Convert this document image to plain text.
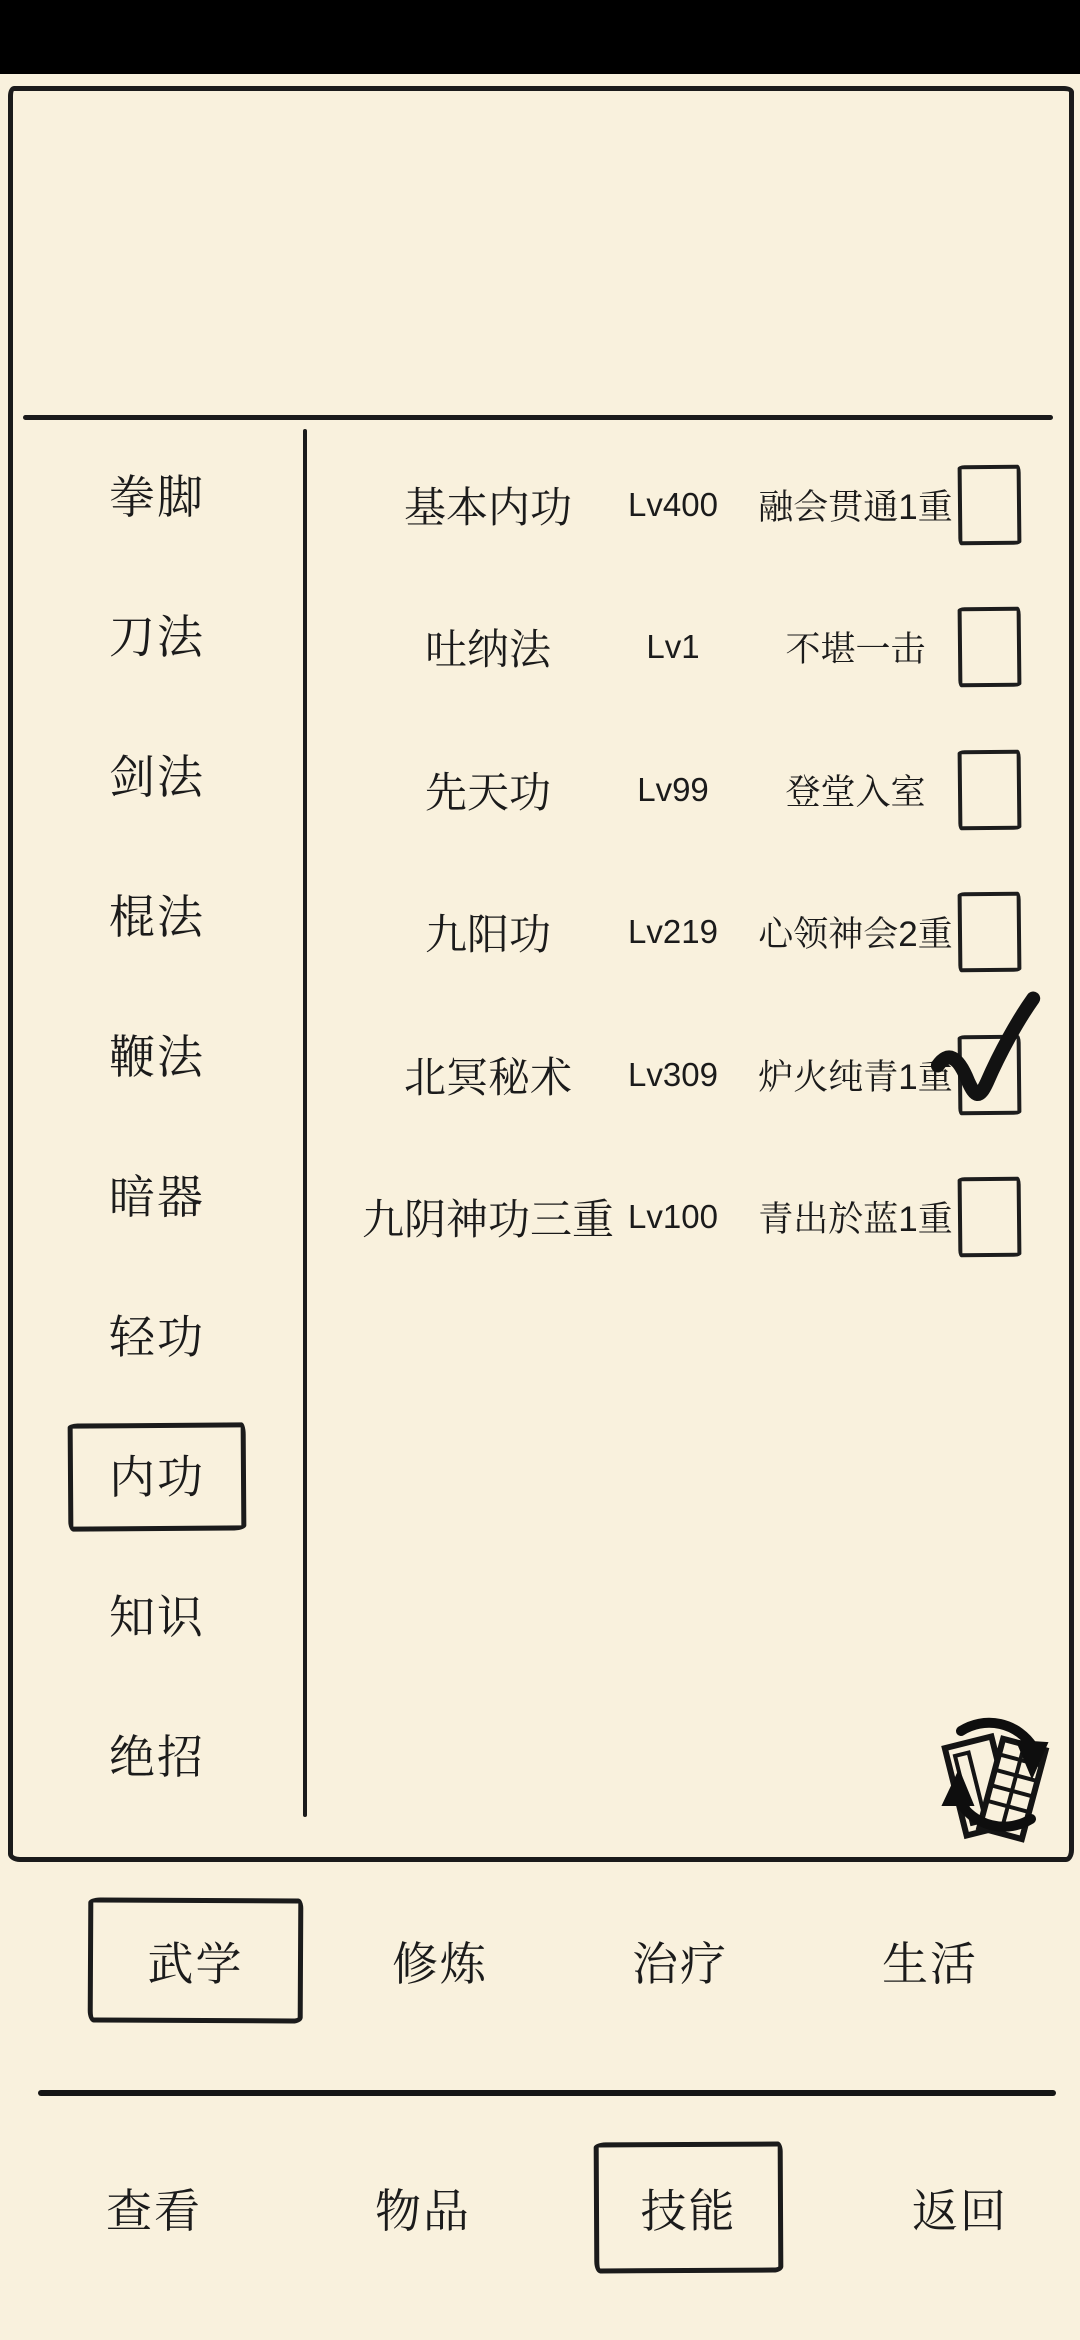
拳脚
刀法
剑法
棍法
鞭法
暗器
轻功
内功
知识
绝招
基本内功	Lv400	融会贯通1重
吐纳法	Lv1	不堪一击
先天功	Lv99	登堂入室
九阳功	Lv219	心领神会2重
北冥秘术	Lv309	炉火纯青1重
九阴神功三重 Lv100	青出於蓝1重
武学	修炼	治疗	生活
查看	物品	技能	返回
